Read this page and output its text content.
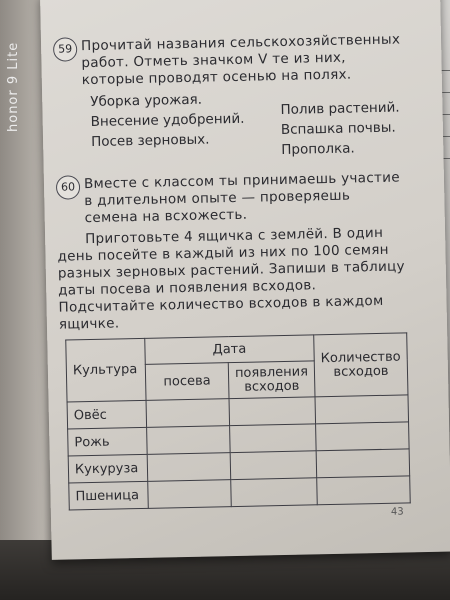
honor 9 Lite	59 Прочитай названия сельскохозяйственных работ. Отметь значком V те из них, которые проводят осенью на полях.
Уборка урожая.
Внесение удобрений.
Посев зерновых.
Полив растений.
Вспашка почвы.
Прополка.
60 Вместе с классом ты принимаешь участие в длительном опыте — проверяешь семена на всхожесть.
Приготовьте 4 ящичка с землёй. В один день посейте в каждый из них по 100 семян разных зерновых растений. Запиши в таблицу даты посева и появления всходов. Подсчитайте количество всходов в каждом ящичке.
Культура	Дата		Количество всходов
	посева	появления всходов	
Овёс			
Рожь			
Кукуруза			
Пшеница			
43
